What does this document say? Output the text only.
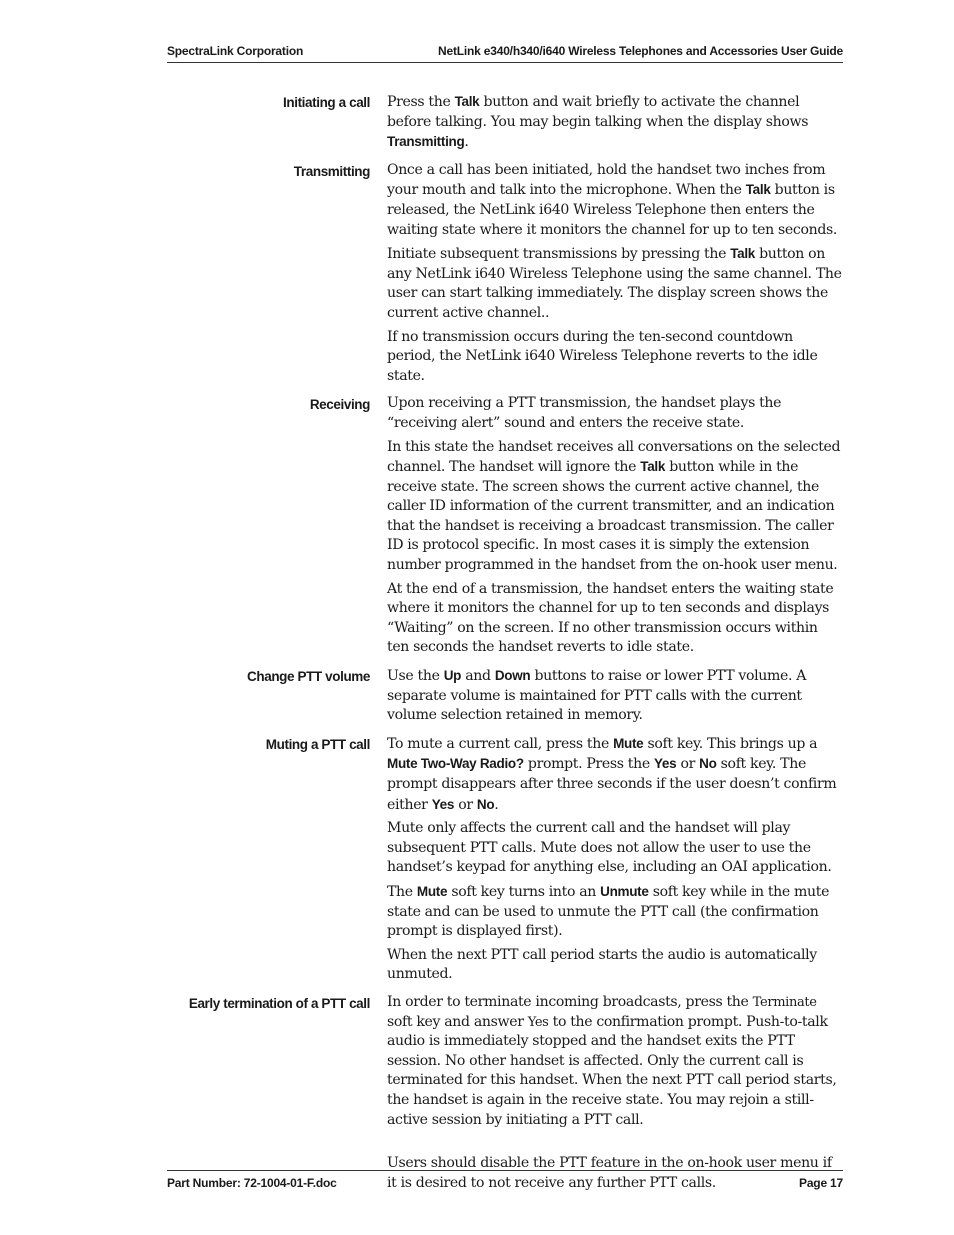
SpectraLink Corporation	NetLink e340/h340/i640 Wireless Telephones and Accessories User Guide
Initiating a call Press the Talk button and wait briefly to activate the channel before talking. You may begin talking when the display shows Transmitting.

Transmitting Once a call has been initiated, hold the handset two inches from your mouth and talk into the microphone. When the Talk button is released, the NetLink i640 Wireless Telephone then enters the waiting state where it monitors the channel for up to ten seconds.

Initiate subsequent transmissions by pressing the Talk button on any NetLink i640 Wireless Telephone using the same channel. The user can start talking immediately. The display screen shows the current active channel..

If no transmission occurs during the ten-second countdown period, the NetLink i640 Wireless Telephone reverts to the idle state.

Receiving Upon receiving a PTT transmission, the handset plays the “receiving alert” sound and enters the receive state.

In this state the handset receives all conversations on the selected channel. The handset will ignore the Talk button while in the receive state. The screen shows the current active channel, the caller ID information of the current transmitter, and an indication that the handset is receiving a broadcast transmission. The caller ID is protocol specific. In most cases it is simply the extension number programmed in the handset from the on-hook user menu.

At the end of a transmission, the handset enters the waiting state where it monitors the channel for up to ten seconds and displays “Waiting” on the screen. If no other transmission occurs within ten seconds the handset reverts to idle state.

Change PTT volume Use the Up and Down buttons to raise or lower PTT volume. A separate volume is maintained for PTT calls with the current volume selection retained in memory.

Muting a PTT call To mute a current call, press the Mute soft key. This brings up a Mute Two-Way Radio? prompt. Press the Yes or No soft key. The prompt disappears after three seconds if the user doesn’t confirm either Yes or No.

Mute only affects the current call and the handset will play subsequent PTT calls. Mute does not allow the user to use the handset’s keypad for anything else, including an OAI application.

The Mute soft key turns into an Unmute soft key while in the mute state and can be used to unmute the PTT call (the confirmation prompt is displayed first).

When the next PTT call period starts the audio is automatically unmuted.

Early termination of a PTT call In order to terminate incoming broadcasts, press the Terminate soft key and answer Yes to the confirmation prompt. Push-to-talk audio is immediately stopped and the handset exits the PTT session. No other handset is affected. Only the current call is terminated for this handset. When the next PTT call period starts, the handset is again in the receive state. You may rejoin a still-active session by initiating a PTT call.

Users should disable the PTT feature in the on-hook user menu if it is desired to not receive any further PTT calls.

Part Number: 72-1004-01-F.doc	Page 17
